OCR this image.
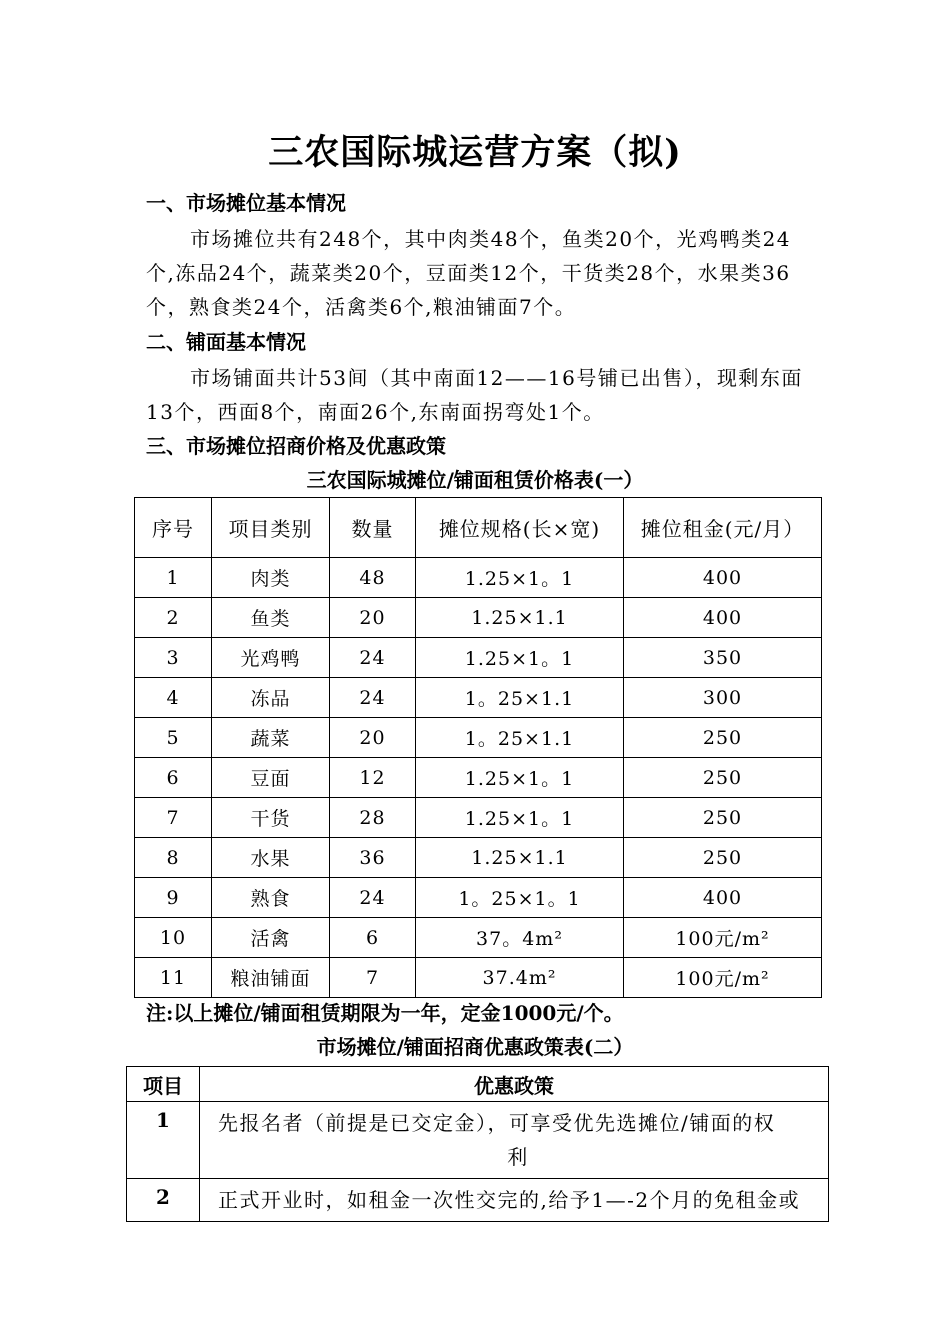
三农国际城运营方案（拟)
一、市场摊位基本情况
市场摊位共有248个，其中肉类48个，鱼类20个，光鸡鸭类24个,冻品24个，蔬菜类20个，豆面类12个，干货类28个，水果类36个，熟食类24个，活禽类6个,粮油铺面7个。
二、铺面基本情况
市场铺面共计53间（其中南面12——16号铺已出售），现剩东面13个，西面8个，南面26个,东南面拐弯处1个。
三、市场摊位招商价格及优惠政策
三农国际城摊位/铺面租赁价格表(一）
序号	项目类别	数量	摊位规格(长×宽)	摊位租金(元/月）
1	肉类	48	1.25×1。1	400
2	鱼类	20	1.25×1.1	400
3	光鸡鸭	24	1.25×1。1	350
4	冻品	24	1。25×1.1	300
5	蔬菜	20	1。25×1.1	250
6	豆面	12	1.25×1。1	250
7	干货	28	1.25×1。1	250
8	水果	36	1.25×1.1	250
9	熟食	24	1。25×1。1	400
10	活禽	6	37。4m²	100元/m²
11	粮油铺面	7	37.4m²	100元/m²
注:以上摊位/铺面租赁期限为一年，定金1000元/个。
市场摊位/铺面招商优惠政策表(二）
项目	优惠政策
1	先报名者（前提是已交定金），可享受优先选摊位/铺面的权
利

2	正式开业时，如租金一次性交完的,给予1—-2个月的免租金或
